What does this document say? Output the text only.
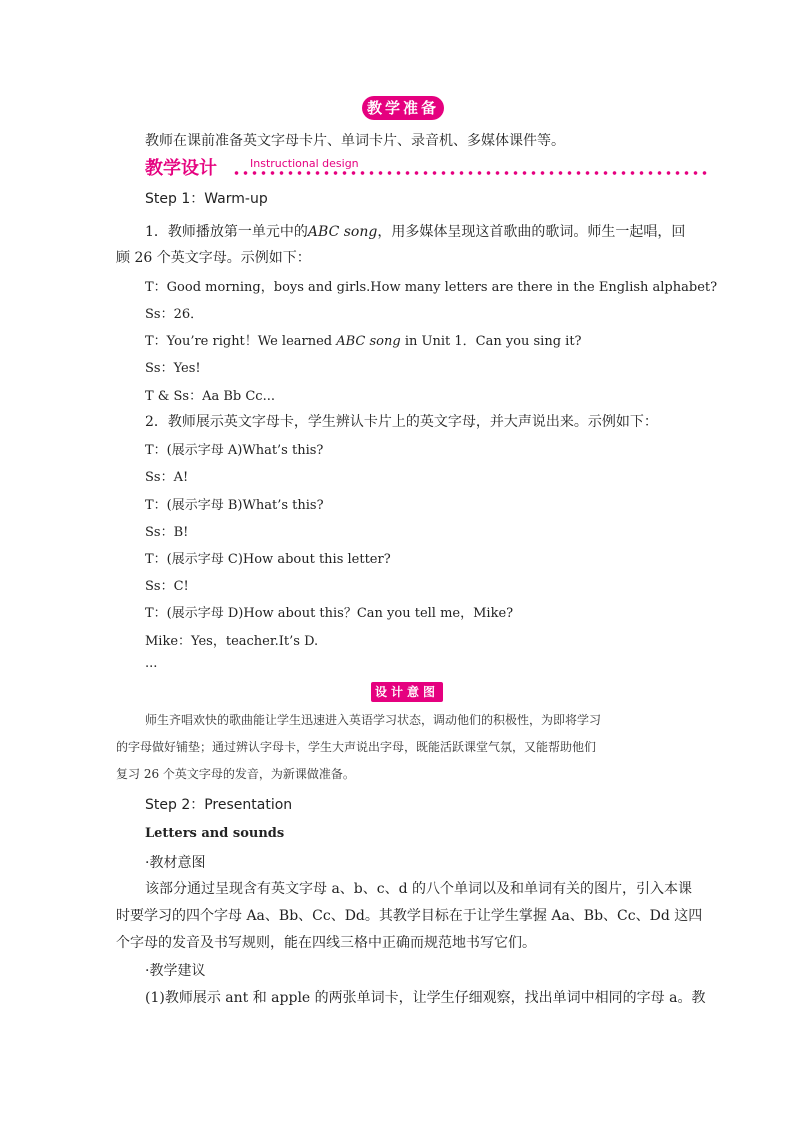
教学准备
教师在课前准备英文字母卡片、单词卡片、录音机、多媒体课件等。
教学设计	Instructional design
Step 1：Warm-up
1．教师播放第一单元中的ABC song，用多媒体呈现这首歌曲的歌词。师生一起唱，回
顾 26 个英文字母。示例如下：
T：Good morning，boys and girls.How many letters are there in the English alphabet?
Ss：26．
T：You’re right！We learned ABC song in Unit 1．Can you sing it?
Ss：Yes!
T & Ss：Aa Bb Cc...
2．教师展示英文字母卡，学生辨认卡片上的英文字母，并大声说出来。示例如下：
T：(展示字母 A)What’s this?
Ss：A!
T：(展示字母 B)What’s this?
Ss：B!
T：(展示字母 C)How about this letter?
Ss：C!
T：(展示字母 D)How about this？Can you tell me，Mike?
Mike：Yes，teacher.It’s D.
...
设计意图
师生齐唱欢快的歌曲能让学生迅速进入英语学习状态，调动他们的积极性，为即将学习
的字母做好铺垫；通过辨认字母卡，学生大声说出字母，既能活跃课堂气氛，又能帮助他们
复习 26 个英文字母的发音，为新课做准备。
Step 2：Presentation
Letters and sounds
·教材意图
该部分通过呈现含有英文字母 a、b、c、d 的八个单词以及和单词有关的图片，引入本课
时要学习的四个字母 Aa、Bb、Cc、Dd。其教学目标在于让学生掌握 Aa、Bb、Cc、Dd 这四
个字母的发音及书写规则，能在四线三格中正确而规范地书写它们。
·教学建议
(1)教师展示 ant 和 apple 的两张单词卡，让学生仔细观察，找出单词中相同的字母 a。教
